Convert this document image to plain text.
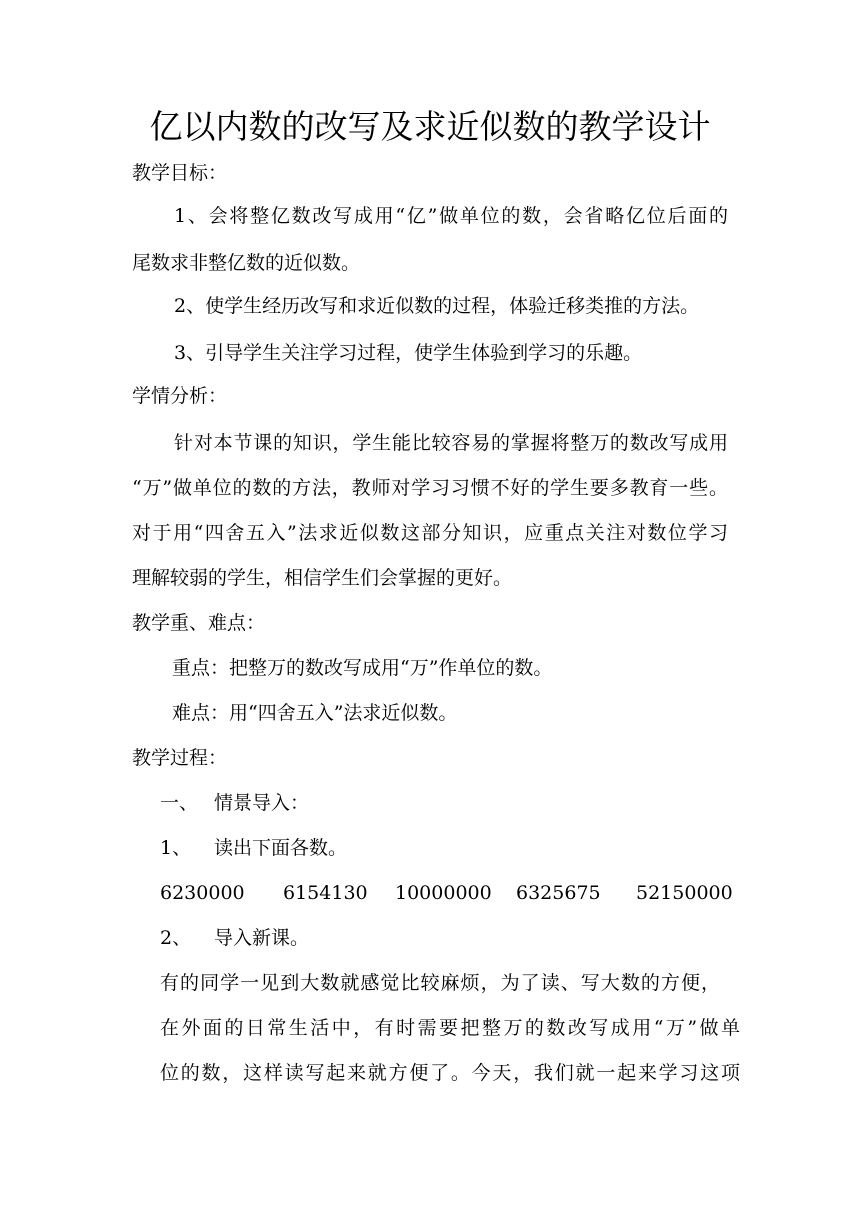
亿以内数的改写及求近似数的教学设计
教学目标：
1、会将整亿数改写成用“亿”做单位的数，会省略亿位后面的
尾数求非整亿数的近似数。
2、使学生经历改写和求近似数的过程，体验迁移类推的方法。
3、引导学生关注学习过程，使学生体验到学习的乐趣。
学情分析：
针对本节课的知识，学生能比较容易的掌握将整万的数改写成用
“万”做单位的数的方法，教师对学习习惯不好的学生要多教育一些。
对于用“四舍五入”法求近似数这部分知识，应重点关注对数位学习
理解较弱的学生，相信学生们会掌握的更好。
教学重、难点：
重点：把整万的数改写成用“万”作单位的数。
难点：用“四舍五入”法求近似数。
教学过程：
一、 情景导入：
1、 读出下面各数。
6230000 6154130 10000000 6325675 52150000
2、 导入新课。
有的同学一见到大数就感觉比较麻烦，为了读、写大数的方便，
在外面的日常生活中，有时需要把整万的数改写成用“万”做单
位的数，这样读写起来就方便了。今天，我们就一起来学习这项
